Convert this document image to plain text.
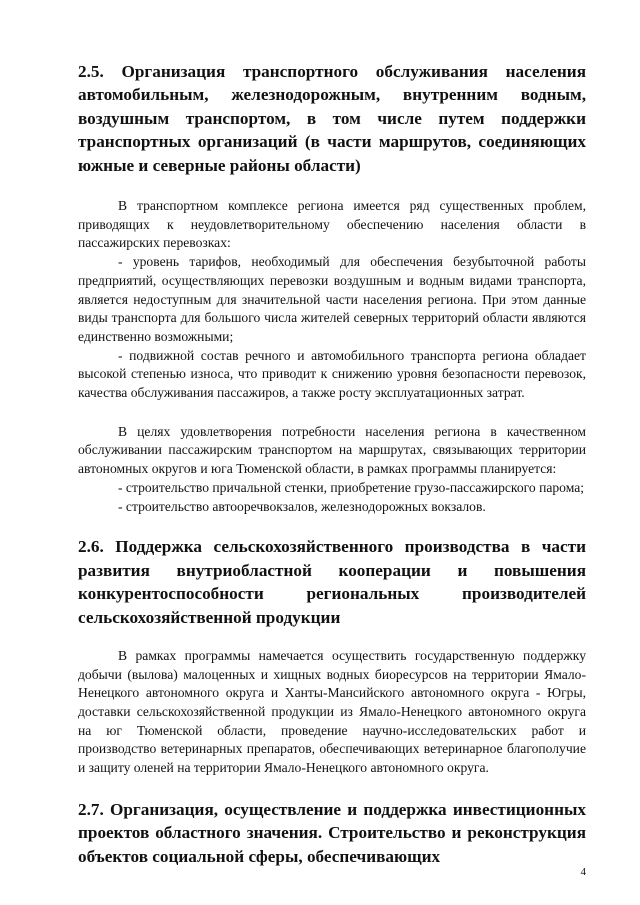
2.5. Организация транспортного обслуживания населения автомобильным, железнодорожным, внутренним водным, воздушным транспортом, в том числе путем поддержки транспортных организаций (в части маршрутов, соединяющих южные и северные районы области)

В транспортном комплексе региона имеется ряд существенных проблем, приводящих к неудовлетворительному обеспечению населения области в пассажирских перевозках:

- уровень тарифов, необходимый для обеспечения безубыточной работы предприятий, осуществляющих перевозки воздушным и водным видами транспорта, является недоступным для значительной части населения региона. При этом данные виды транспорта для большого числа жителей северных территорий области являются единственно возможными;

- подвижной состав речного и автомобильного транспорта региона обладает высокой степенью износа, что приводит к снижению уровня безопасности перевозок, качества обслуживания пассажиров, а также росту эксплуатационных затрат.

В целях удовлетворения потребности населения региона в качественном обслуживании пассажирским транспортом на маршрутах, связывающих территории автономных округов и юга Тюменской области, в рамках программы планируется:

- строительство причальной стенки, приобретение грузо-пассажирского парома;

- строительство автоoречвокзалов, железнодорожных вокзалов.

2.6. Поддержка сельскохозяйственного производства в части развития внутриобластной кооперации и повышения конкурентоспособности региональных производителей сельскохозяйственной продукции

В рамках программы намечается осуществить государственную поддержку добычи (вылова) малоценных и хищных водных биоресурсов на территории Ямало-Ненецкого автономного округа и Ханты-Мансийского автономного округа - Югры, доставки сельскохозяйственной продукции из Ямало-Ненецкого автономного округа на юг Тюменской области, проведение научно-исследовательских работ и производство ветеринарных препаратов, обеспечивающих ветеринарное благополучие и защиту оленей на территории Ямало-Ненецкого автономного округа.

2.7. Организация, осуществление и поддержка инвестиционных проектов областного значения. Строительство и реконструкция объектов социальной сферы, обеспечивающих
4
